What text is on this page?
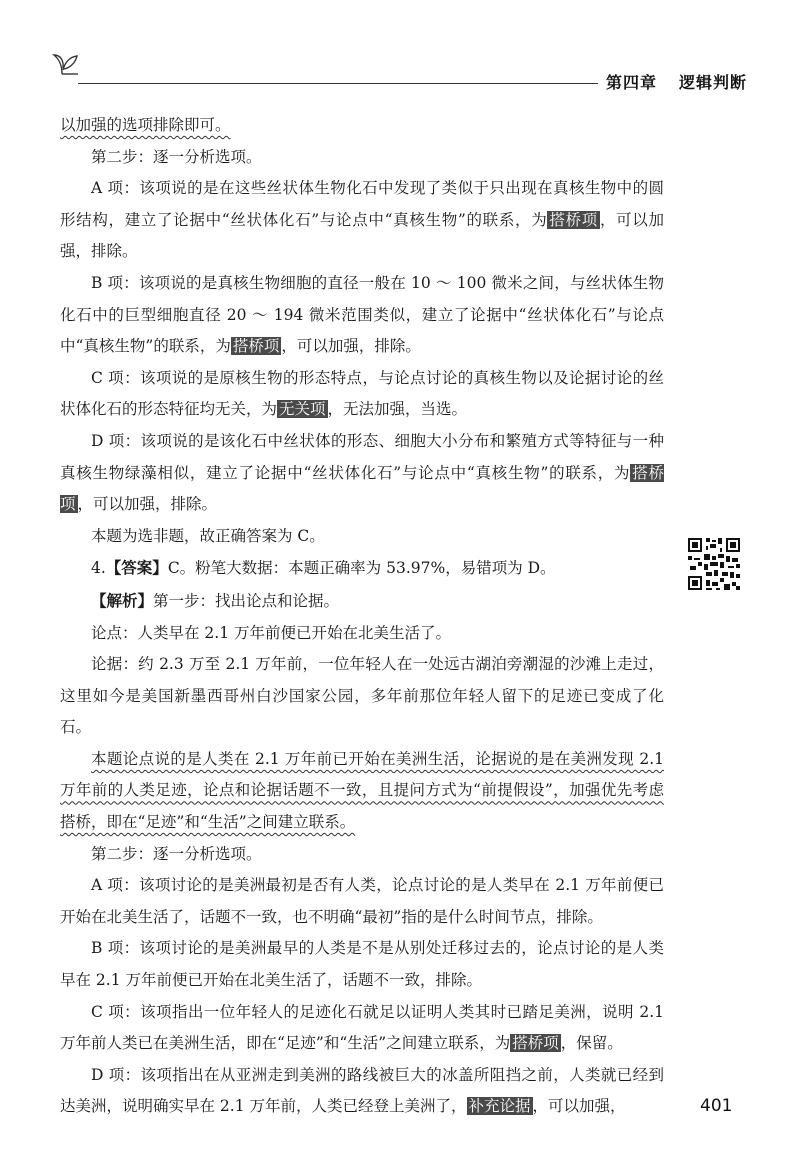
第四章 逻辑判断

以加强的选项排除即可。

第二步：逐一分析选项。

A 项：该项说的是在这些丝状体生物化石中发现了类似于只出现在真核生物中的圆形结构，建立了论据中“丝状体化石”与论点中“真核生物”的联系，为 搭桥项 ，可以加强，排除。

B 项：该项说的是真核生物细胞的直径一般在 10 ～ 100 微米之间，与丝状体生物化石中的巨型细胞直径 20 ～ 194 微米范围类似，建立了论据中“丝状体化石”与论点中“真核生物”的联系，为 搭桥项 ，可以加强，排除。

C 项：该项说的是原核生物的形态特点，与论点讨论的真核生物以及论据讨论的丝状体化石的形态特征均无关，为 无关项 ，无法加强，当选。

D 项：该项说的是该化石中丝状体的形态、细胞大小分布和繁殖方式等特征与一种真核生物绿藻相似，建立了论据中“丝状体化石”与论点中“真核生物”的联系，为 搭桥项 ，可以加强，排除。

本题为选非题，故正确答案为 C。

4.【答案】C。粉笔大数据：本题正确率为 53.97%，易错项为 D。

【解析】第一步：找出论点和论据。

论点：人类早在 2.1 万年前便已开始在北美生活了。

论据：约 2.3 万至 2.1 万年前，一位年轻人在一处远古湖泊旁潮湿的沙滩上走过，这里如今是美国新墨西哥州白沙国家公园，多年前那位年轻人留下的足迹已变成了化石。

本题论点说的是人类在 2.1 万年前已开始在美洲生活，论据说的是在美洲发现 2.1 万年前的人类足迹，论点和论据话题不一致，且提问方式为“前提假设”，加强优先考虑搭桥，即在“足迹”和“生活”之间建立联系。

第二步：逐一分析选项。

A 项：该项讨论的是美洲最初是否有人类，论点讨论的是人类早在 2.1 万年前便已开始在北美生活了，话题不一致，也不明确“最初”指的是什么时间节点，排除。

B 项：该项讨论的是美洲最早的人类是不是从别处迁移过去的，论点讨论的是人类早在 2.1 万年前便已开始在北美生活了，话题不一致，排除。

C 项：该项指出一位年轻人的足迹化石就足以证明人类其时已踏足美洲，说明 2.1 万年前人类已在美洲生活，即在“足迹”和“生活”之间建立联系，为 搭桥项 ，保留。

D 项：该项指出在从亚洲走到美洲的路线被巨大的冰盖所阻挡之前，人类就已经到达美洲，说明确实早在 2.1 万年前，人类已经登上美洲了， 补充论据 ，可以加强，	401
